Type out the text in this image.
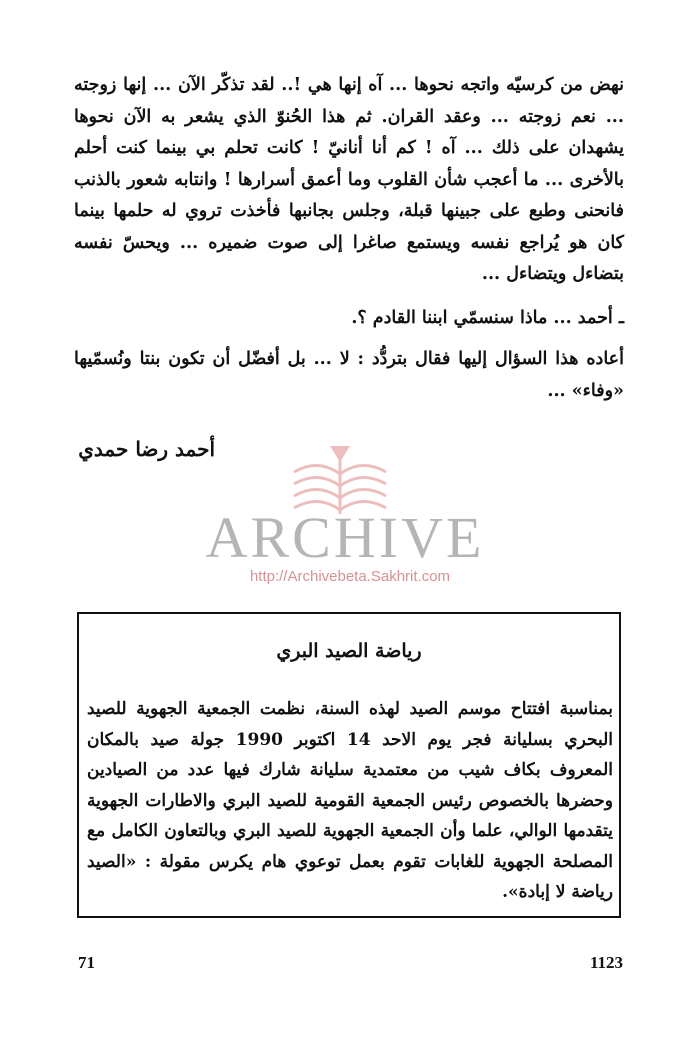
نهض من كرسيّه واتجه نحوها ... آه إنها هي !.. لقد تذكّر الآن ... إنها زوجته ... نعم زوجته ... وعقد القران. ثم هذا الحُنوّ الذي يشعر به الآن نحوها يشهدان على ذلك ... آه ! كم أنا أنانيّ ! كانت تحلم بي بينما كنت أحلم بالأخرى ... ما أعجب شأن القلوب وما أعمق أسرارها ! وانتابه شعور بالذنب فانحنى وطبع على جبينها قبلة، وجلس بجانبها فأخذت تروي له حلمها بينما كان هو يُراجع نفسه ويستمع صاغرا إلى صوت ضميره ... ويحسّ نفسه بتضاءل ويتضاءل ...

ـ أحمد ... ماذا سنسمّي ابننا القادم ؟.

أعاده هذا السؤال إليها فقال بتردُّد : لا ... بل أفضّل أن تكون بنتا ونُسمّيها «وفاء» ...

أحمد رضا حمدي
ARCHIVE
http://Archivebeta.Sakhrit.com
رياضة الصيد البري

بمناسبة افتتاح موسم الصيد لهذه السنة، نظمت الجمعية الجهوية للصيد البحري بسليانة فجر يوم الاحد 14 اكتوبر 1990 جولة صيد بالمكان المعروف بكاف شيب من معتمدية سليانة شارك فيها عدد من الصيادين وحضرها بالخصوص رئيس الجمعية القومية للصيد البري والاطارات الجهوية يتقدمها الوالي، علما وأن الجمعية الجهوية للصيد البري وبالتعاون الكامل مع المصلحة الجهوية للغابات تقوم بعمل توعوي هام يكرس مقولة : «الصيد رياضة لا إبادة».

71	1123
